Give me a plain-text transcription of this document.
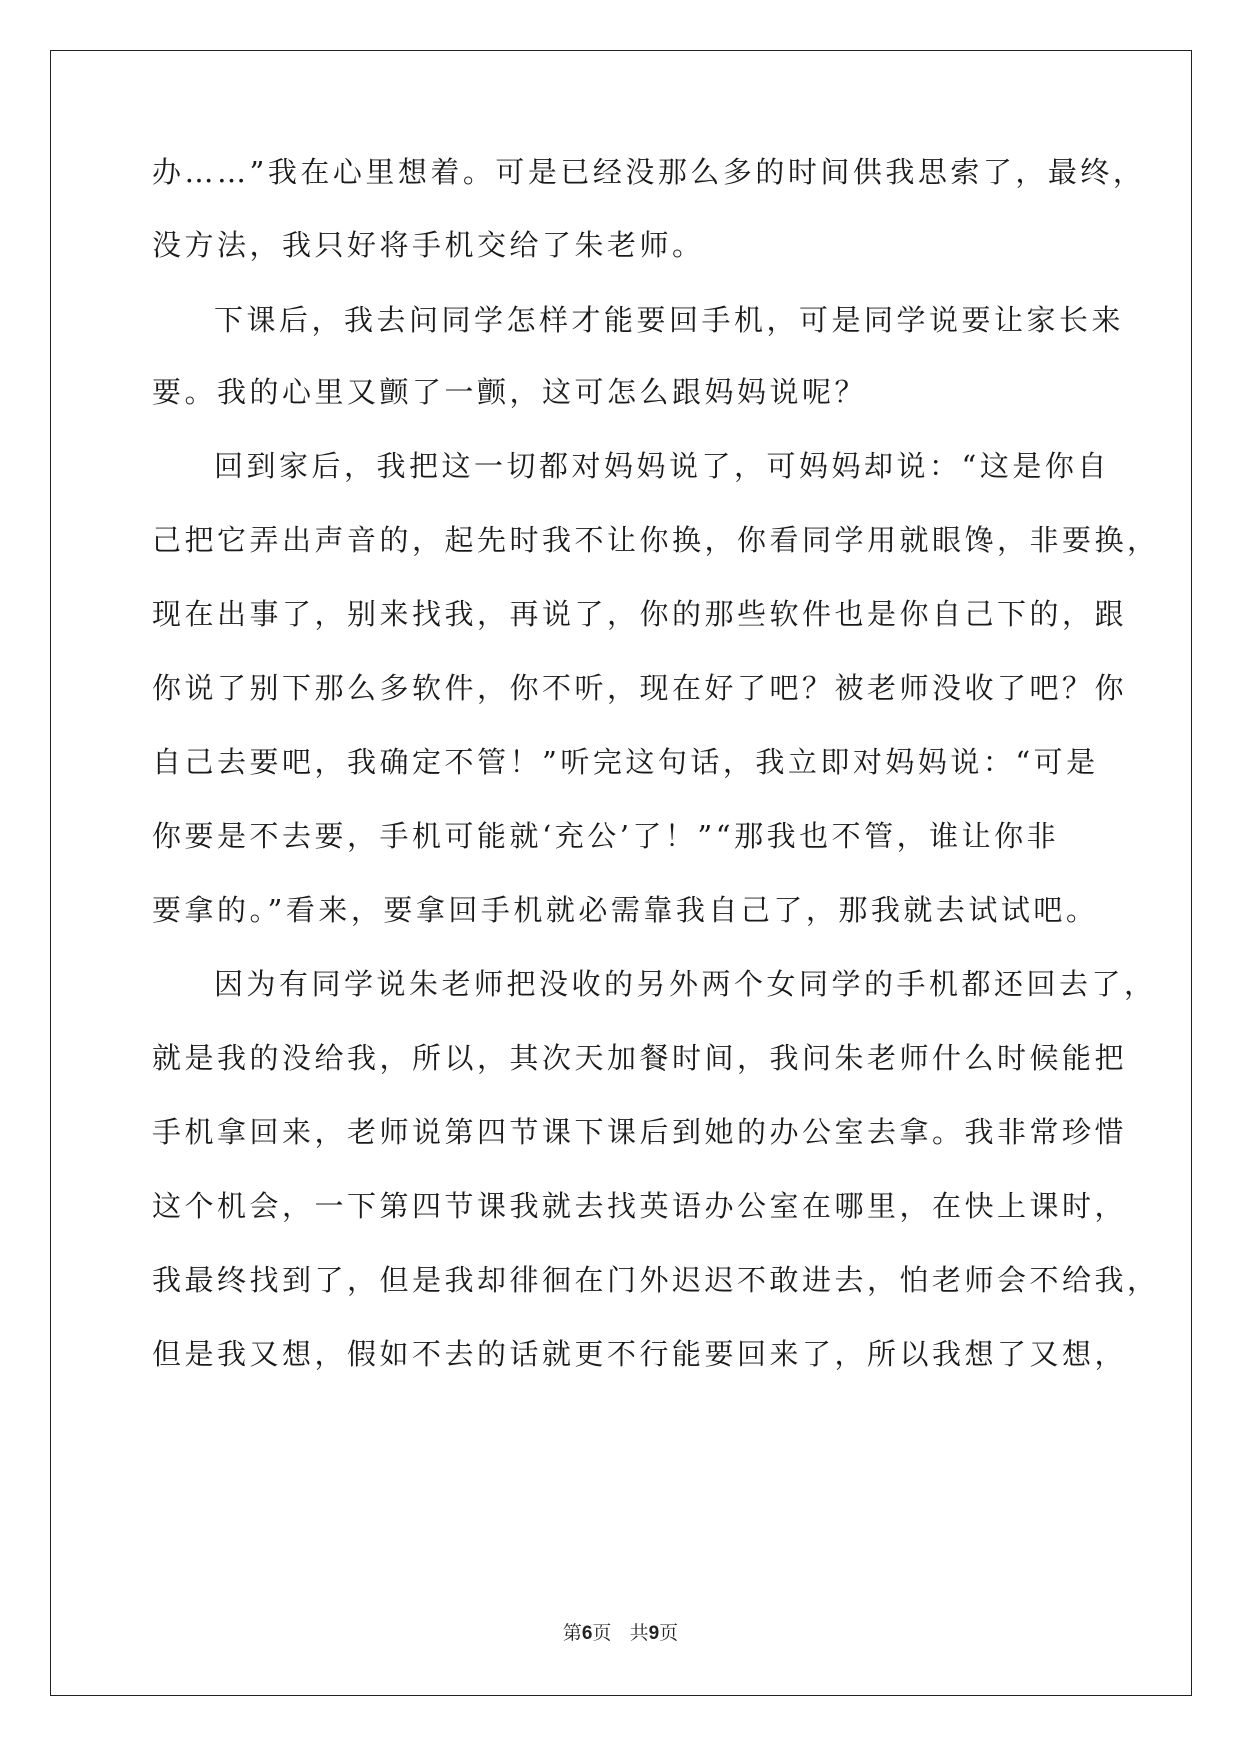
办……”我在心里想着。可是已经没那么多的时间供我思索了，最终，
没方法，我只好将手机交给了朱老师。
下课后，我去问同学怎样才能要回手机，可是同学说要让家长来
要。我的心里又颤了一颤，这可怎么跟妈妈说呢？
回到家后，我把这一切都对妈妈说了，可妈妈却说：“这是你自
己把它弄出声音的，起先时我不让你换，你看同学用就眼馋，非要换，
现在出事了，别来找我，再说了，你的那些软件也是你自己下的，跟
你说了别下那么多软件，你不听，现在好了吧？被老师没收了吧？你
自己去要吧，我确定不管！”听完这句话，我立即对妈妈说：“可是
你要是不去要，手机可能就‘充公’了！”“那我也不管，谁让你非
要拿的。”看来，要拿回手机就必需靠我自己了，那我就去试试吧。
因为有同学说朱老师把没收的另外两个女同学的手机都还回去了，
就是我的没给我，所以，其次天加餐时间，我问朱老师什么时候能把
手机拿回来，老师说第四节课下课后到她的办公室去拿。我非常珍惜
这个机会，一下第四节课我就去找英语办公室在哪里，在快上课时，
我最终找到了，但是我却徘徊在门外迟迟不敢进去，怕老师会不给我，
但是我又想，假如不去的话就更不行能要回来了，所以我想了又想，
第6页 共9页
